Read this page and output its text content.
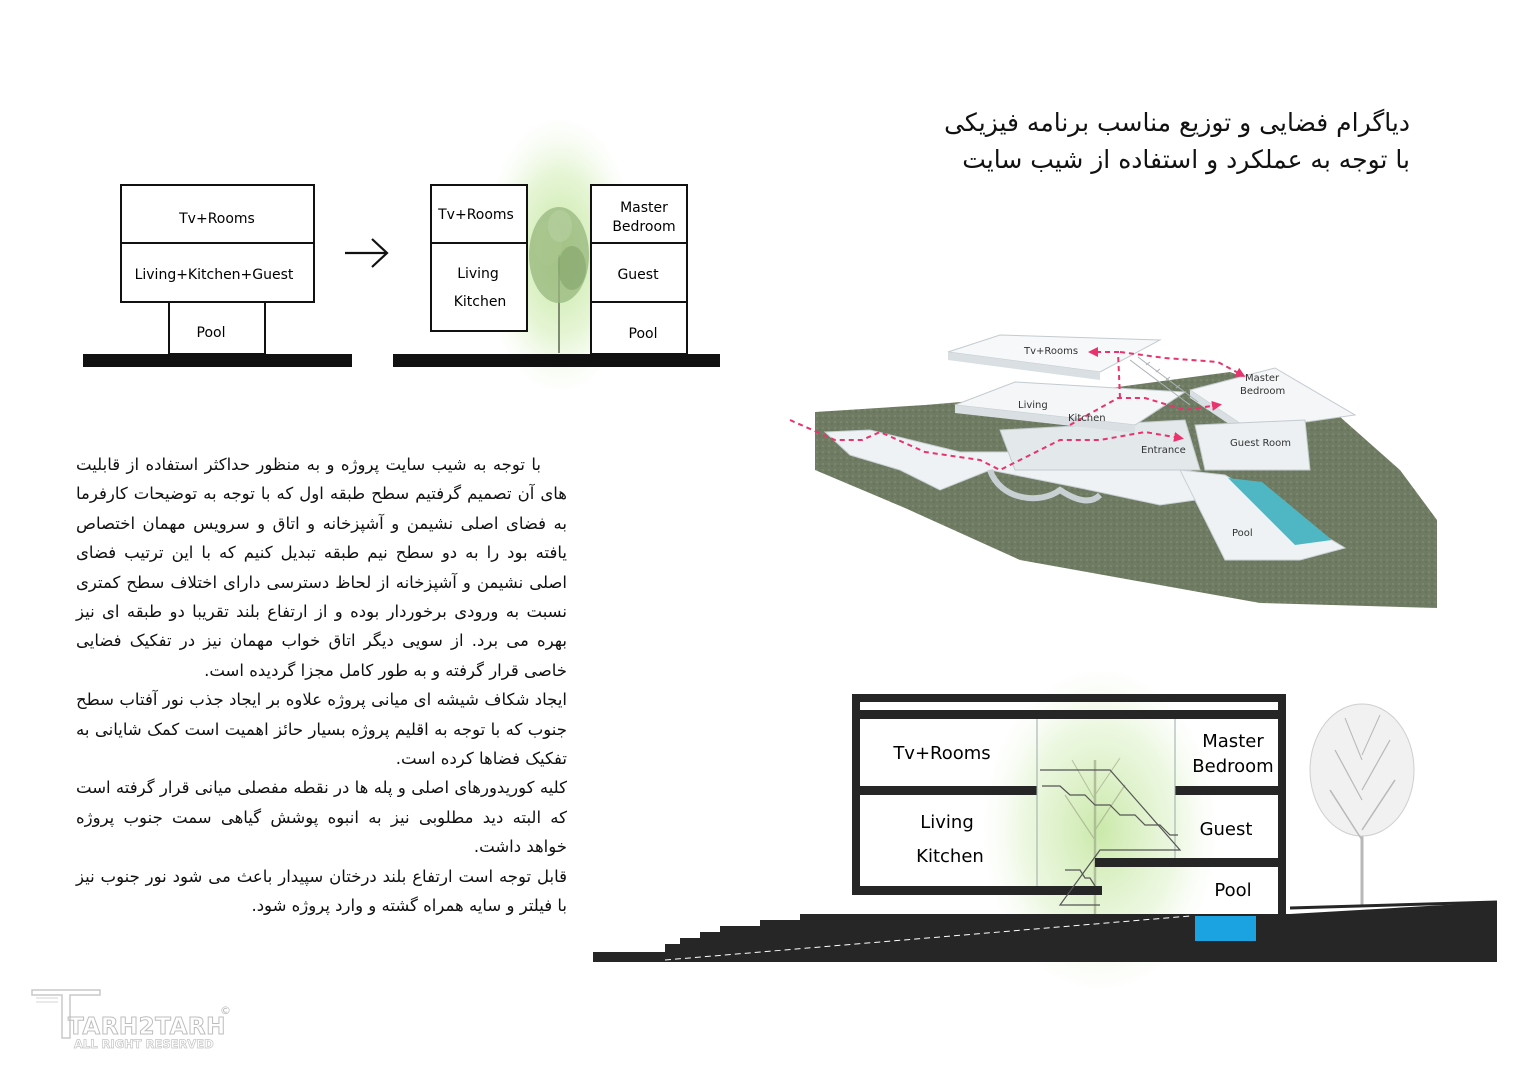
دیاگرام فضایی و توزیع مناسب برنامه فیزیکی
با توجه به عملکرد و استفاده از شیب سایت
Tv+Rooms
Living+Kitchen+Guest
Pool
Tv+Rooms
Living
Kitchen
Master
Bedroom
Guest
Pool
Tv+Rooms
Master
Bedroom
Living
Kitchen
Guest Room
Entrance
Pool
Tv+Rooms
Master
Bedroom
Living
Kitchen
Guest
Pool

با توجه به شیب سایت پروژه و به منظور حداکثر استفاده از قابلیت های آن تصمیم گرفتیم سطح طبقه اول که با توجه به توضیحات کارفرما به فضای اصلی نشیمن و آشپزخانه و اتاق و سرویس مهمان اختصاص یافته بود را به دو سطح نیم طبقه تبدیل کنیم که با این ترتیب فضای اصلی نشیمن و آشپزخانه از لحاظ دسترسی دارای اختلاف سطح کمتری نسبت به ورودی برخوردار بوده و از ارتفاع بلند تقریبا دو طبقه ای نیز بهره می برد. از سویی دیگر اتاق خواب مهمان نیز در تفکیک فضایی خاصی قرار گرفته و به طور کامل مجزا گردیده است.

ایجاد شکاف شیشه ای میانی پروژه علاوه بر ایجاد جذب نور آفتاب سطح جنوب که با توجه به اقلیم پروژه بسیار حائز اهمیت است کمک شایانی به تفکیک فضاها کرده است.

کلیه کوریدورهای اصلی و پله ها در نقطه مفصلی میانی قرار گرفته است که البته دید مطلوبی نیز به انبوه پوشش گیاهی سمت جنوب پروژه خواهد داشت.

قابل توجه است ارتفاع بلند درختان سپیدار باعث می شود نور جنوب نیز با فیلتر و سایه همراه گشته و وارد پروژه شود.

TARH2TARH
ALL RIGHT RESERVED
©
